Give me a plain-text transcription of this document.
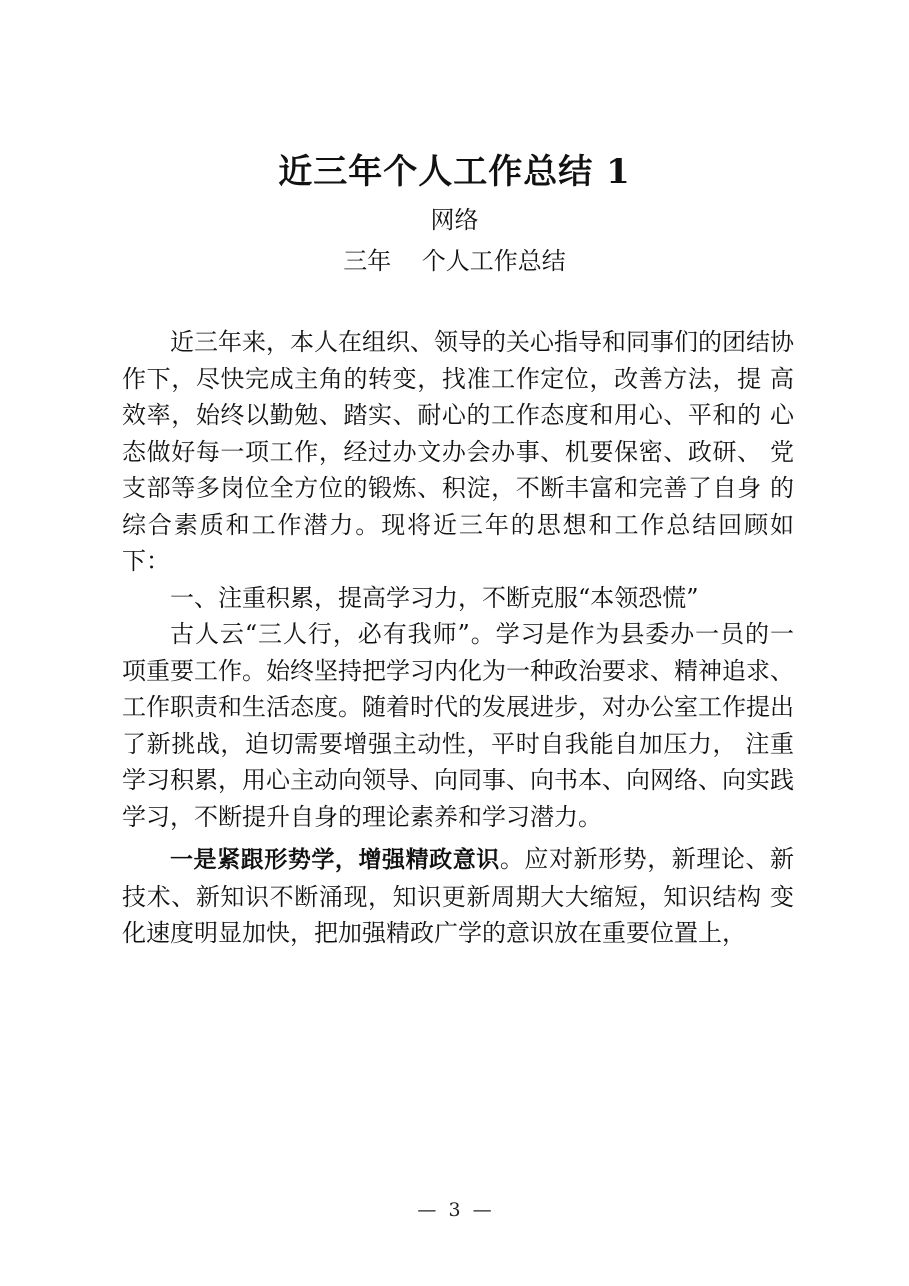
近三年个人工作总结 1
网络
三年    个人工作总结

近三年来，本人在组织、领导的关心指导和同事们的团结协作下，尽快完成主角的转变，找准工作定位，改善方法，提 高效率，始终以勤勉、踏实、耐心的工作态度和用心、平和的 心态做好每一项工作，经过办文办会办事、机要保密、政研、 党支部等多岗位全方位的锻炼、积淀，不断丰富和完善了自身 的综合素质和工作潜力。现将近三年的思想和工作总结回顾如 下：

一、注重积累，提高学习力，不断克服“本领恐慌”

古人云“三人行，必有我师”。学习是作为县委办一员的一项重要工作。始终坚持把学习内化为一种政治要求、精神追求、工作职责和生活态度。随着时代的发展进步，对办公室工作提出了新挑战，迫切需要增强主动性，平时自我能自加压力， 注重学习积累，用心主动向领导、向同事、向书本、向网络、向实践学习，不断提升自身的理论素养和学习潜力。

一是紧跟形势学，增强精政意识。应对新形势，新理论、新技术、新知识不断涌现，知识更新周期大大缩短，知识结构 变化速度明显加快，把加强精政广学的意识放在重要位置上，

—  3  —
